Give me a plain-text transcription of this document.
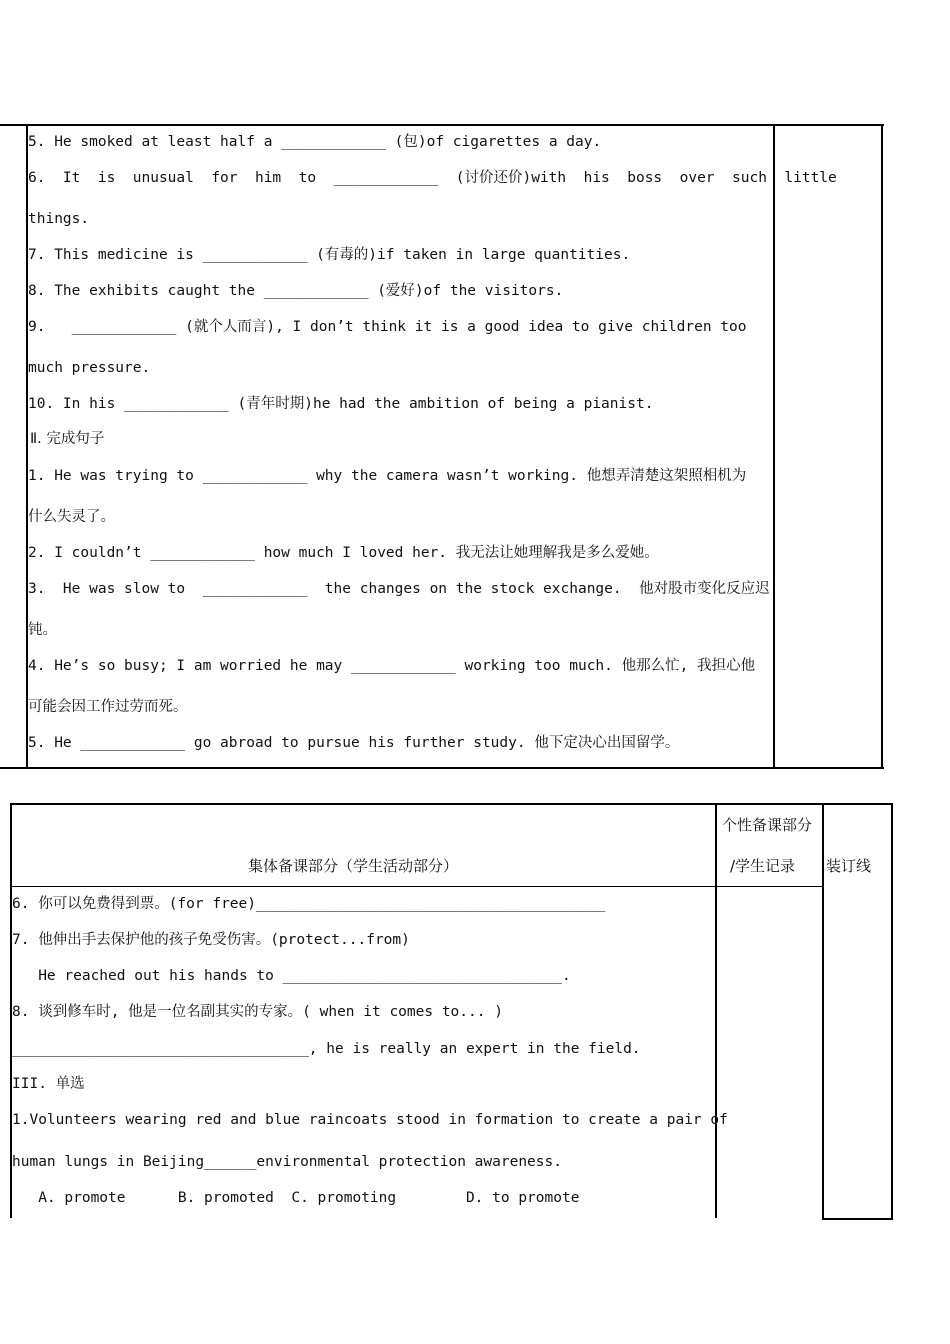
5. He smoked at least half a ____________ (包)of cigarettes a day.
6.  It  is  unusual  for  him  to  ____________  (讨价还价)with  his  boss  over  such  little
things.
7. This medicine is ____________ (有毒的)if taken in large quantities.
8. The exhibits caught the ____________ (爱好)of the visitors.
9.   ____________ (就个人而言), I don’t think it is a good idea to give children too
much pressure.
10. In his ____________ (青年时期)he had the ambition of being a pianist.
Ⅱ. 完成句子
1. He was trying to ____________ why the camera wasn’t working. 他想弄清楚这架照相机为
什么失灵了。
2. I couldn’t ____________ how much I loved her. 我无法让她理解我是多么爱她。
3.  He was slow to  ____________  the changes on the stock exchange.  他对股市变化反应迟
钝。
4. He’s so busy; I am worried he may ____________ working too much. 他那么忙, 我担心他
可能会因工作过劳而死。
5. He ____________ go abroad to pursue his further study. 他下定决心出国留学。
集体备课部分（学生活动部分）
个性备课部分
/学生记录 装订线
6. 你可以免费得到票。(for free)________________________________________
7. 他伸出手去保护他的孩子免受伤害。(protect...from)
He reached out his hands to ________________________________.
8. 谈到修车时, 他是一位名副其实的专家。( when it comes to... )
__________________________________, he is really an expert in the field.
III. 单选
1.Volunteers wearing red and blue raincoats stood in formation to create a pair of
human lungs in Beijing______environmental protection awareness.
A. promote      B. promoted  C. promoting        D. to promote
